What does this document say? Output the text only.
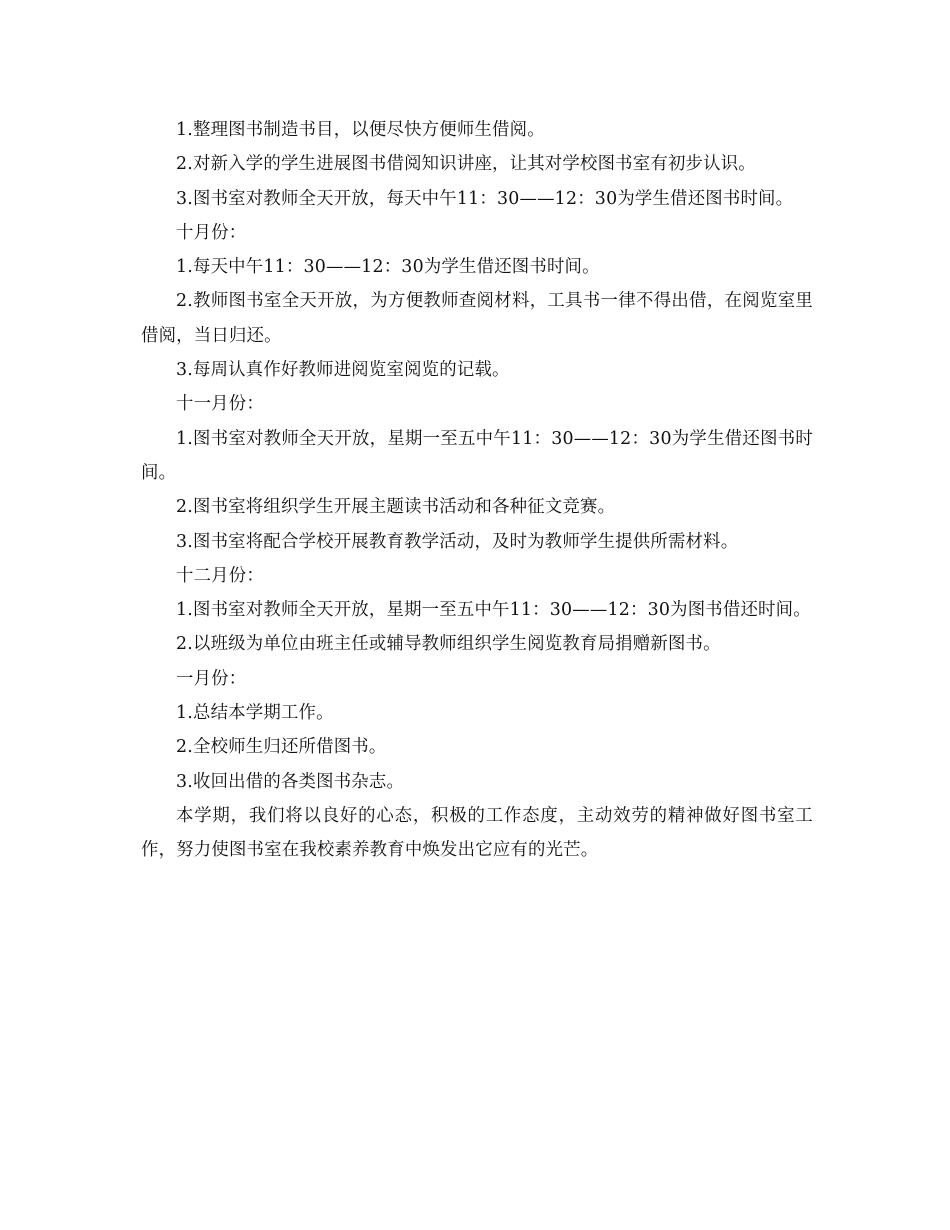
1.整理图书制造书目，以便尽快方便师生借阅。

2.对新入学的学生进展图书借阅知识讲座，让其对学校图书室有初步认识。

3.图书室对教师全天开放，每天中午11：30——12：30为学生借还图书时间。

十月份：

1.每天中午11：30——12：30为学生借还图书时间。

2.教师图书室全天开放，为方便教师查阅材料，工具书一律不得出借，在阅览室里借阅，当日归还。

3.每周认真作好教师进阅览室阅览的记载。

十一月份：

1.图书室对教师全天开放，星期一至五中午11：30——12：30为学生借还图书时间。

2.图书室将组织学生开展主题读书活动和各种征文竞赛。

3.图书室将配合学校开展教育教学活动，及时为教师学生提供所需材料。

十二月份：

1.图书室对教师全天开放，星期一至五中午11：30——12：30为图书借还时间。

2.以班级为单位由班主任或辅导教师组织学生阅览教育局捐赠新图书。

一月份：

1.总结本学期工作。

2.全校师生归还所借图书。

3.收回出借的各类图书杂志。

本学期，我们将以良好的心态，积极的工作态度，主动效劳的精神做好图书室工作，努力使图书室在我校素养教育中焕发出它应有的光芒。
